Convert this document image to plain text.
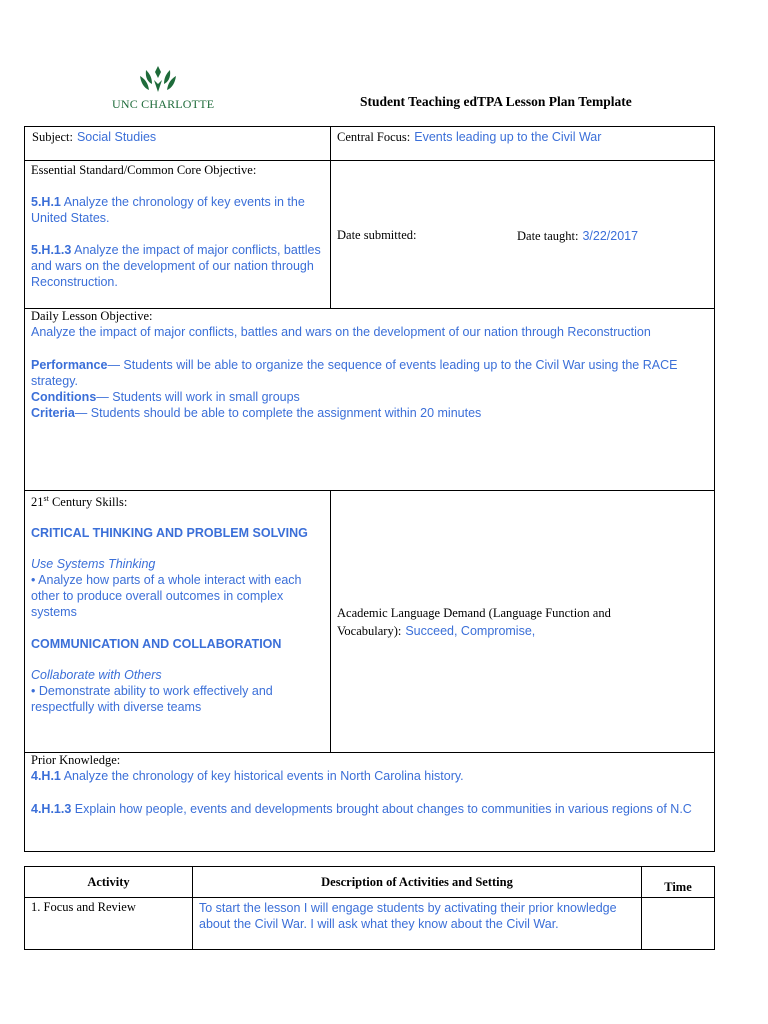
UNC CHARLOTTE	Student Teaching edTPA Lesson Plan Template
Subject: Social Studies	Central Focus: Events leading up to the Civil War

Essential Standard/Common Core Objective:

5.H.1 Analyze the chronology of key events in the United States.

5.H.1.3 Analyze the impact of major conflicts, battles and wars on the development of our nation through Reconstruction.

Date submitted:	Date taught: 3/22/2017

Daily Lesson Objective:

Analyze the impact of major conflicts, battles and wars on the development of our nation through Reconstruction

Performance— Students will be able to organize the sequence of events leading up to the Civil War using the RACE strategy.

Conditions— Students will work in small groups

Criteria— Students should be able to complete the assignment within 20 minutes

21st Century Skills:

CRITICAL THINKING AND PROBLEM SOLVING

Use Systems Thinking

• Analyze how parts of a whole interact with each other to produce overall outcomes in complex systems

COMMUNICATION AND COLLABORATION

Collaborate with Others

• Demonstrate ability to work effectively and respectfully with diverse teams

Academic Language Demand (Language Function and Vocabulary): Succeed, Compromise,

Prior Knowledge:

4.H.1 Analyze the chronology of key historical events in North Carolina history.

4.H.1.3 Explain how people, events and developments brought about changes to communities in various regions of N.C

Activity	Description of Activities and Setting	Time
1. Focus and Review	To start the lesson I will engage students by activating their prior knowledge about the Civil War. I will ask what they know about the Civil War.	
